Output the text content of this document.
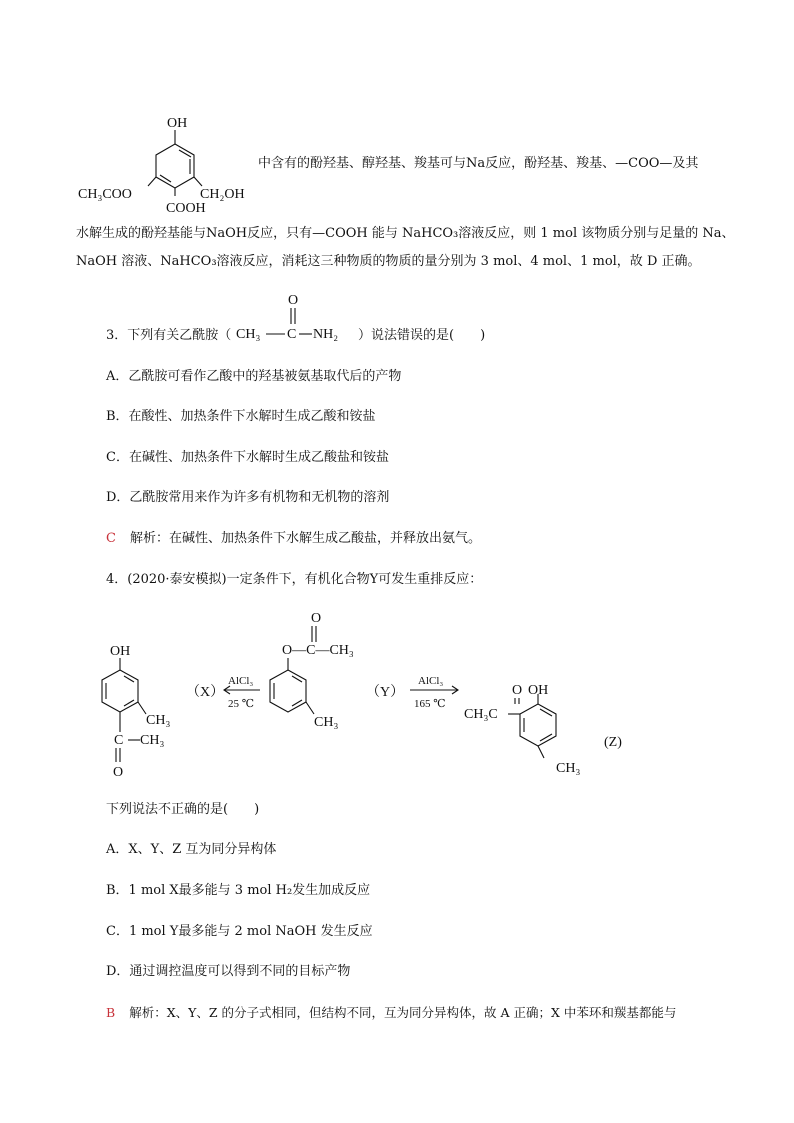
OH
CH₃COO	CH₂OH
COOH
中含有的酚羟基、醇羟基、羧基可与Na反应，酚羟基、羧基、—COO—及其
水解生成的酚羟基能与NaOH反应，只有—COOH 能与 NaHCO₃溶液反应，则 1 mol 该物质分别与足量的 Na、
NaOH 溶液、NaHCO₃溶液反应，消耗这三种物质的物质的量分别为 3 mol、4 mol、1 mol，故 D 正确。
3．下列有关乙酰胺（
O
CH₃ C NH₂ ）说法错误的是(　　)
A．乙酰胺可看作乙酸中的羟基被氨基取代后的产物
B．在酸性、加热条件下水解时生成乙酸和铵盐
C．在碱性、加热条件下水解时生成乙酸盐和铵盐
D．乙酰胺常用来作为许多有机物和无机物的溶剂
C 解析：在碱性、加热条件下水解生成乙酸盐，并释放出氨气。
4．(2020·泰安模拟)一定条件下，有机化合物Y可发生重排反应：
OH
CH₃
C CH₃
O
（X）
AlCl₃
25 ℃
O
O—C—CH₃
CH₃
（Y）
AlCl₃
165 ℃
O
CH₃C
OH
CH₃
(Z)
下列说法不正确的是(　　)
A．X、Y、Z 互为同分异构体
B．1 mol X最多能与 3 mol H₂发生加成反应
C．1 mol Y最多能与 2 mol NaOH 发生反应
D．通过调控温度可以得到不同的目标产物
B 解析：X、Y、Z 的分子式相同，但结构不同，互为同分异构体，故 A 正确；X 中苯环和羰基都能与
